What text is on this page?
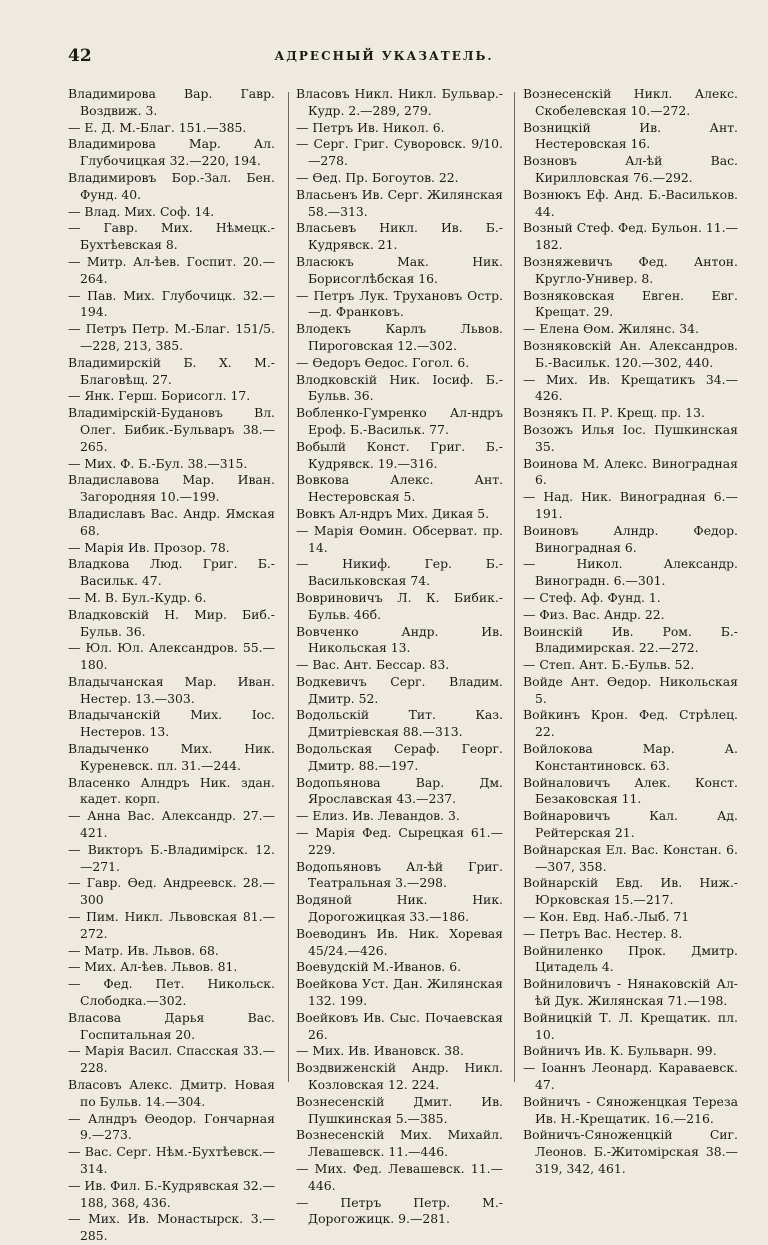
42	АДРЕСНЫЙ УКАЗАТЕЛЬ.
Владимирова Вар. Гавр. Воздвиж. 3.
— Е. Д. М.-Благ. 151.—385.
Владимирова Мар. Ал. Глубочицкая 32.—220, 194.
Владимировъ Бор.-Зал. Бен. Фунд. 40.
— Влад. Мих. Соф. 14.
— Гавр. Мих. Нѣмецк.-Бухтѣевская 8.
— Митр. Ал-ѣев. Госпит. 20.—264.
— Пав. Мих. Глубочицк. 32.—194.
— Петръ Петр. М.-Благ. 151/5.—228, 213, 385.
Владимирскій Б. Х. М.-Благовѣщ. 27.
— Янк. Герш. Борисогл. 17.
Владимірскій-Будановъ Вл. Олег. Бибик.-Бульваръ 38.—265.
— Мих. Ф. Б.-Бул. 38.—315.
Владиславова Мар. Иван. Загородняя 10.—199.
Владиславъ Вас. Андр. Ямская 68.
— Марія Ив. Прозор. 78.
Владкова Люд. Григ. Б.-Васильк. 47.
— М. В. Бул.-Кудр. 6.
Владковскій Н. Мир. Биб.-Бульв. 36.
— Юл. Юл. Александров. 55.—180.
Владычанская Мар. Иван. Нестер. 13.—303.
Владычанскій Мих. Іос. Нестеров. 13.
Владыченко Мих. Ник. Куреневск. пл. 31.—244.
Власенко Алндръ Ник. здан. кадет. корп.
— Анна Вас. Александр. 27.—421.
— Викторъ Б.-Владимірск. 12.—271.
— Гавр. Ѳед. Андреевск. 28.—300
— Пим. Никл. Львовская 81.—272.
— Матр. Ив. Львов. 68.
— Мих. Ал-ѣев. Львов. 81.
— Фед. Пет. Никольск. Слободка.—302.
Власова Дарья Вас. Госпитальная 20.
— Марія Васил. Спасская 33.—228.
Власовъ Алекс. Дмитр. Новая по Бульв. 14.—304.
— Алндръ Ѳеодор. Гончарная 9.—273.
— Вас. Серг. Нѣм.-Бухтѣевск.—314.
— Ив. Фил. Б.-Кудрявская 32.—188, 368, 436.
— Мих. Ив. Монастырск. 3.—285.
Власовъ Никл. Никл. Бульвар.-Кудр. 2.—289, 279.
— Петръ Ив. Никол. 6.
— Серг. Григ. Суворовск. 9/10.—278.
— Ѳед. Пр. Богоутов. 22.
Власьенъ Ив. Серг. Жилянская 58.—313.
Власьевъ Никл. Ив. Б.-Кудрявск. 21.
Власюкъ Мак. Ник. Борисоглѣбская 16.
— Петръ Лук. Трухановъ Остр.—д. Франковъ.
Влодекъ Карлъ Львов. Пироговская 12.—302.
— Ѳедоръ Ѳедос. Гогол. 6.
Влодковскій Ник. Іосиф. Б.-Бульв. 36.
Вобленко-Гумренко Ал-ндръ Ероф. Б.-Васильк. 77.
Вобылй Конст. Григ. Б.-Кудрявск. 19.—316.
Вовкова Алекс. Ант. Нестеровская 5.
Вовкъ Ал-ндръ Мих. Дикая 5.
— Марія Ѳомин. Обсерват. пр. 14.
— Никиф. Гер. Б.-Васильковская 74.
Вовриновичъ Л. К. Бибик.-Бульв. 46б.
Вовченко Андр. Ив. Никольская 13.
— Вас. Ант. Бессар. 83.
Водкевичъ Серг. Владим. Дмитр. 52.
Водольскій Тит. Каз. Дмитріевская 88.—313.
Водольская Сераф. Георг. Дмитр. 88.—197.
Водопьянова Вар. Дм. Ярославская 43.—237.
— Елиз. Ив. Левандов. 3.
— Марія Фед. Сырецкая 61.—229.
Водопьяновъ Ал-ѣй Григ. Театральная 3.—298.
Водяной Ник. Ник. Дорогожицкая 33.—186.
Воеводинъ Ив. Ник. Хоревая 45/24.—426.
Воевудскій М.-Иванов. 6.
Воейкова Уст. Дан. Жилянская 132. 199.
Воейковъ Ив. Сыс. Почаевская 26.
— Мих. Ив. Ивановск. 38.
Воздвиженскій Андр. Никл. Козловская 12. 224.
Вознесенскій Дмит. Ив. Пушкинская 5.—385.
Вознесенскій Мих. Михайл. Левашевск. 11.—446.
— Мих. Фед. Левашевск. 11.—446.
— Петръ Петр. М.-Дорогожицк. 9.—281.
Вознесенскій Никл. Алекс. Скобелевская 10.—272.
Возницкій Ив. Ант. Нестеровская 16.
Возновъ Ал-ѣй Вас. Кирилловская 76.—292.
Вознюкъ Еф. Анд. Б.-Васильков. 44.
Возный Стеф. Фед. Бульон. 11.—182.
Возняжевичъ Фед. Антон. Кругло-Универ. 8.
Возняковская Евген. Евг. Крещат. 29.
— Елена Ѳом. Жилянс. 34.
Возняковскій Ан. Александров. Б.-Васильк. 120.—302, 440.
— Мих. Ив. Крещатикъ 34.—426.
Вознякъ П. Р. Крещ. пр. 13.
Возожъ Илья Іос. Пушкинская 35.
Воинова М. Алекс. Виноградная 6.
— Над. Ник. Виноградная 6.—191.
Воиновъ Алндр. Федор. Виноградная 6.
— Никол. Александр. Виноградн. 6.—301.
— Стеф. Аф. Фунд. 1.
— Физ. Вас. Андр. 22.
Воинскій Ив. Ром. Б.-Владимирская. 22.—272.
— Степ. Ант. Б.-Бульв. 52.
Войде Ант. Ѳедор. Никольская 5.
Войкинъ Крон. Фед. Стрѣлец. 22.
Войлокова Мар. А. Константиновск. 63.
Войналовичъ Алек. Конст. Безаковская 11.
Войнаровичъ Кал. Ад. Рейтерская 21.
Войнарская Ел. Вас. Констан. 6.—307, 358.
Войнарскій Евд. Ив. Ниж.-Юрковская 15.—217.
— Кон. Евд. Наб.-Лыб. 71
— Петръ Вас. Нестер. 8.
Войниленко Прок. Дмитр. Цитадель 4.
Войниловичъ - Нянаковскій Ал-ѣй Дук. Жилянская 71.—198.
Войницкій Т. Л. Крещатик. пл. 10.
Войничъ Ив. К. Бульварн. 99.
— Іоаннъ Леонард. Караваевск. 47.
Войничъ - Сяноженцкая Тереза Ив. Н.-Крещатик. 16.—216.
Войничъ-Сяноженцкій Сиг. Леонов. Б.-Житомірская 38.—319, 342, 461.
